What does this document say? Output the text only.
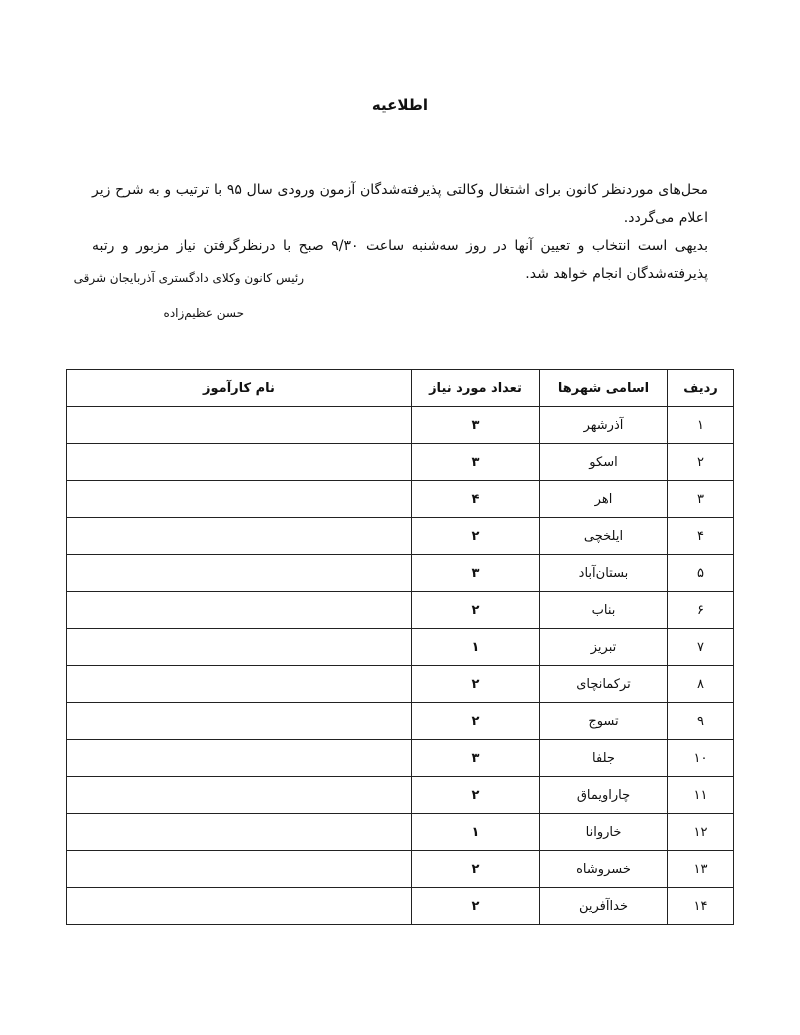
اطلاعیه

محل‌های موردنظر کانون برای اشتغال وکالتی پذیرفته‌شدگان آزمون ورودی سال ۹۵ با ترتیب و به شرح زیر اعلام می‌گردد.

بدیهی است انتخاب و تعیین آنها در روز سه‌شنبه ساعت ۹/۳۰ صبح با درنظرگرفتن نیاز مزبور و رتبه پذیرفته‌شدگان انجام خواهد شد.

رئیس کانون وکلای دادگستری آذربایجان شرقی
حسن عظیم‌زاده
ردیف	اسامی شهرها	تعداد مورد نیاز	نام کارآموز
۱	آذرشهر	۳	
۲	اسکو	۳	
۳	اهر	۴	
۴	ایلخچی	۲	
۵	بستان‌آباد	۳	
۶	بناب	۲	
۷	تبریز	۱	
۸	ترکمانچای	۲	
۹	تسوج	۲	
۱۰	جلفا	۳	
۱۱	چاراویماق	۲	
۱۲	خاروانا	۱	
۱۳	خسروشاه	۲	
۱۴	خداآفرین	۲	
